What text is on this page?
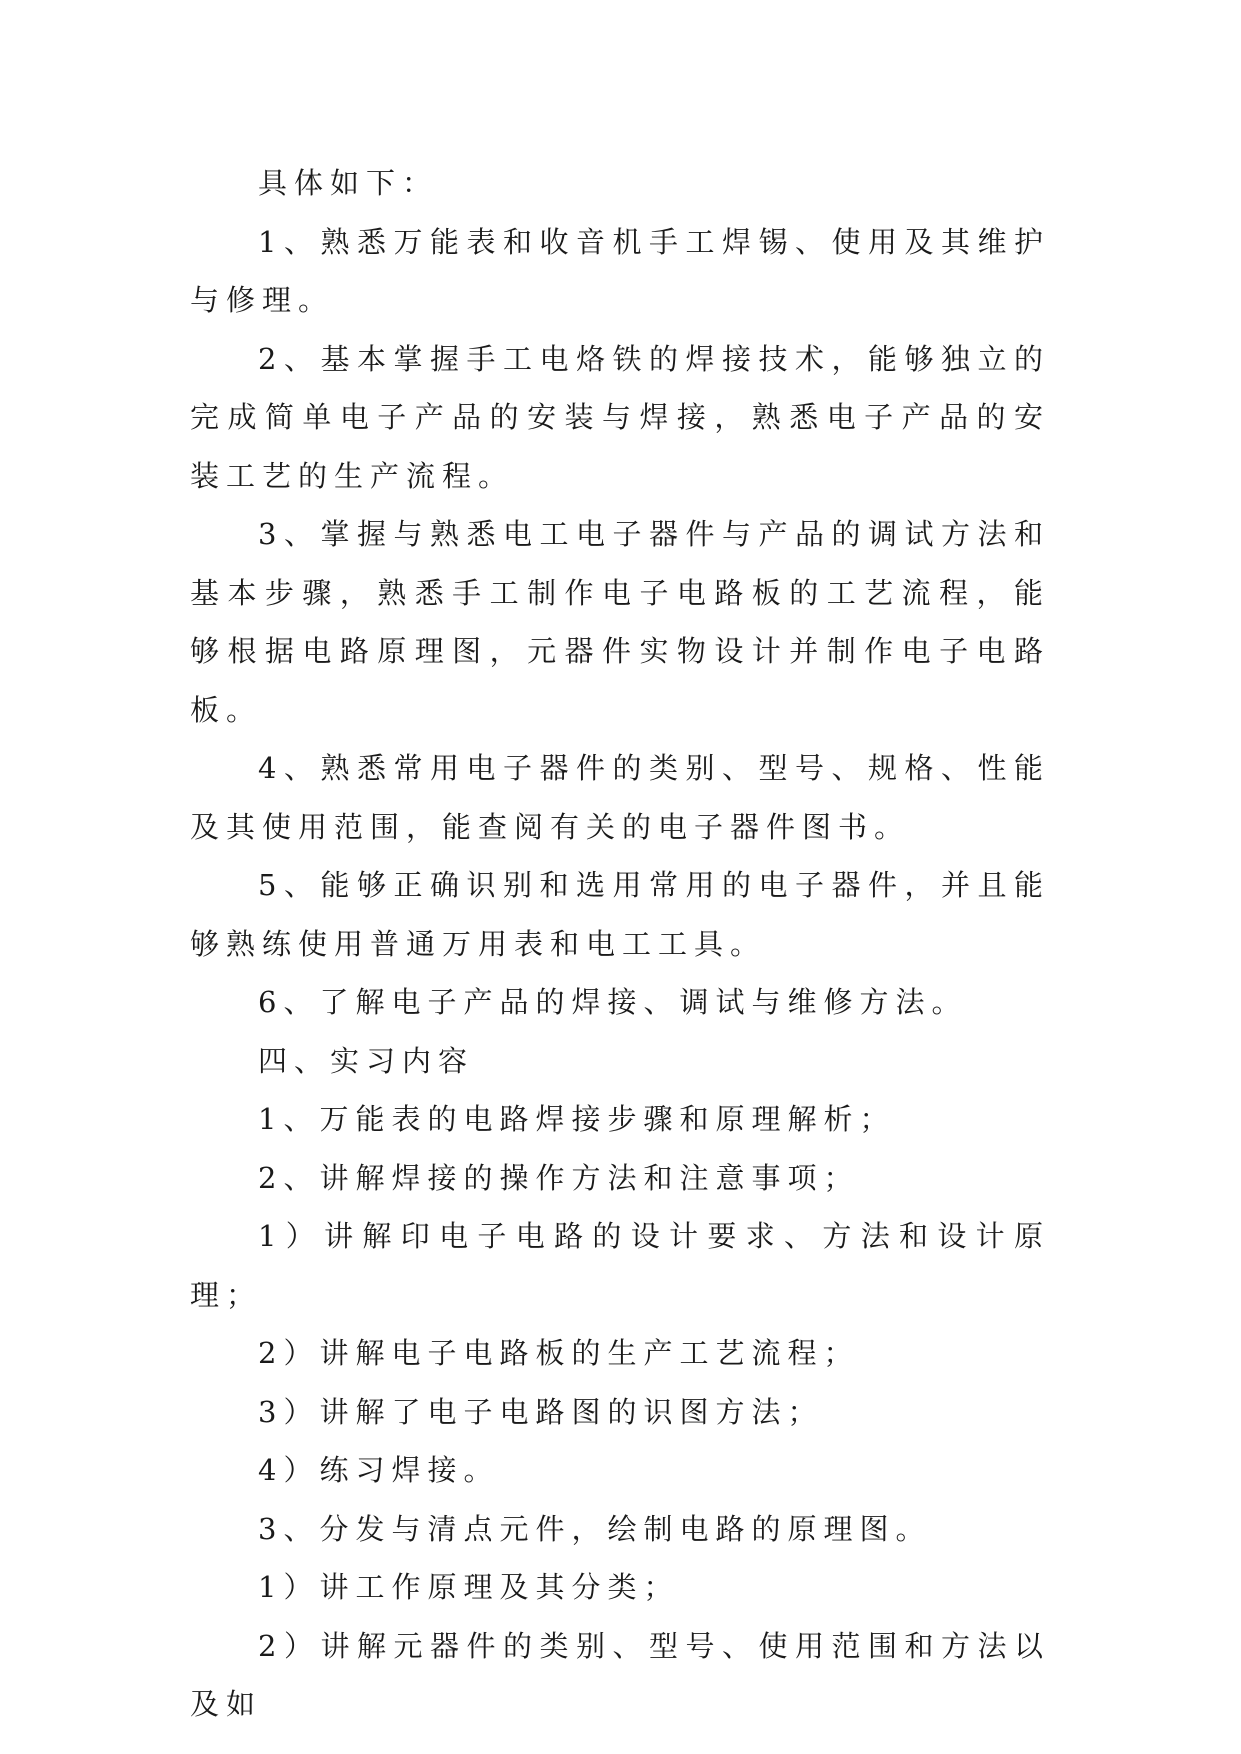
具体如下：

1、熟悉万能表和收音机手工焊锡、使用及其维护与修理。

2、基本掌握手工电烙铁的焊接技术，能够独立的完成简单电子产品的安装与焊接，熟悉电子产品的安装工艺的生产流程。

3、掌握与熟悉电工电子器件与产品的调试方法和基本步骤，熟悉手工制作电子电路板的工艺流程，能够根据电路原理图，元器件实物设计并制作电子电路板。

4、熟悉常用电子器件的类别、型号、规格、性能及其使用范围，能查阅有关的电子器件图书。

5、能够正确识别和选用常用的电子器件，并且能够熟练使用普通万用表和电工工具。

6、了解电子产品的焊接、调试与维修方法。

四、实习内容

1、万能表的电路焊接步骤和原理解析；

2、讲解焊接的操作方法和注意事项；

1）讲解印电子电路的设计要求、方法和设计原理；

2）讲解电子电路板的生产工艺流程；

3）讲解了电子电路图的识图方法；

4）练习焊接。

3、分发与清点元件，绘制电路的原理图。

1）讲工作原理及其分类；

2）讲解元器件的类别、型号、使用范围和方法以及如
